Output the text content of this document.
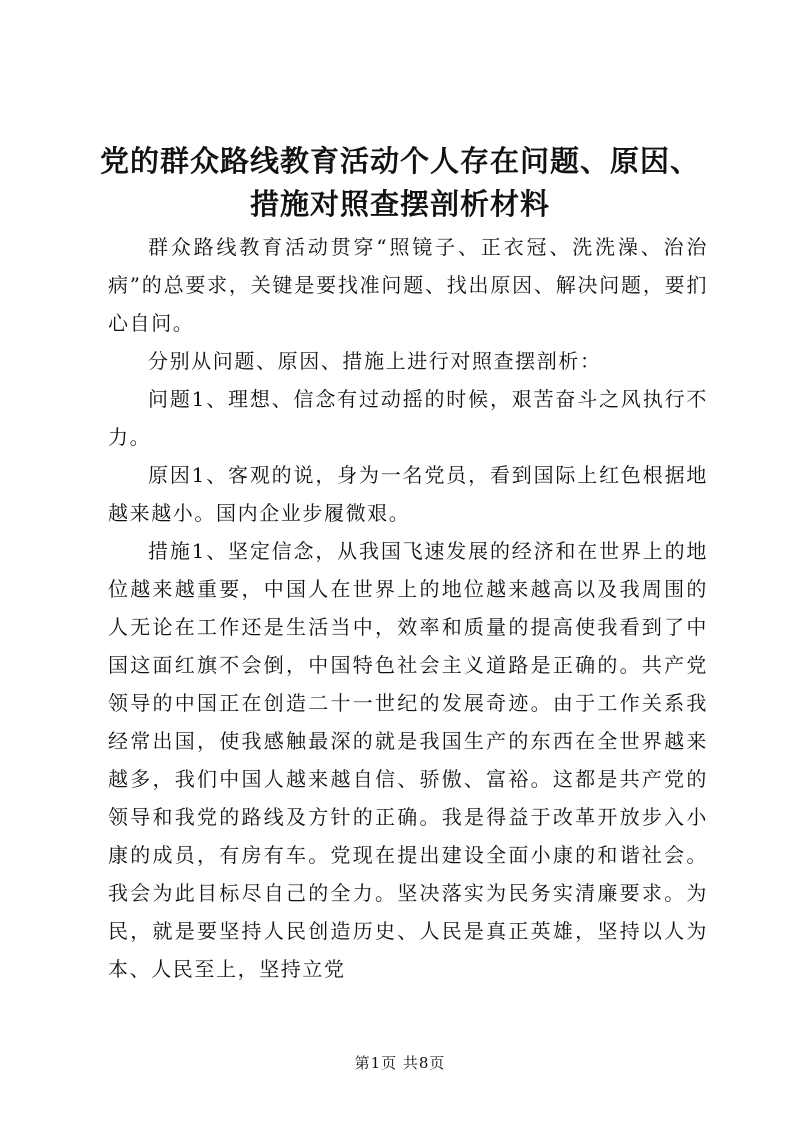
党的群众路线教育活动个人存在问题、原因、
措施对照查摆剖析材料

群众路线教育活动贯穿“照镜子、正衣冠、洗洗澡、治治病”的总要求，关键是要找准问题、找出原因、解决问题，要扪心自问。

分别从问题、原因、措施上进行对照查摆剖析：

问题1、理想、信念有过动摇的时候，艰苦奋斗之风执行不力。

原因1、客观的说，身为一名党员，看到国际上红色根据地越来越小。国内企业步履微艰。

措施1、坚定信念，从我国飞速发展的经济和在世界上的地位越来越重要，中国人在世界上的地位越来越高以及我周围的人无论在工作还是生活当中，效率和质量的提高使我看到了中国这面红旗不会倒，中国特色社会主义道路是正确的。共产党领导的中国正在创造二十一世纪的发展奇迹。由于工作关系我经常出国，使我感触最深的就是我国生产的东西在全世界越来越多，我们中国人越来越自信、骄傲、富裕。这都是共产党的领导和我党的路线及方针的正确。我是得益于改革开放步入小康的成员，有房有车。党现在提出建设全面小康的和谐社会。我会为此目标尽自己的全力。坚决落实为民务实清廉要求。为民，就是要坚持人民创造历史、人民是真正英雄，坚持以人为本、人民至上，坚持立党

第1页 共8页
